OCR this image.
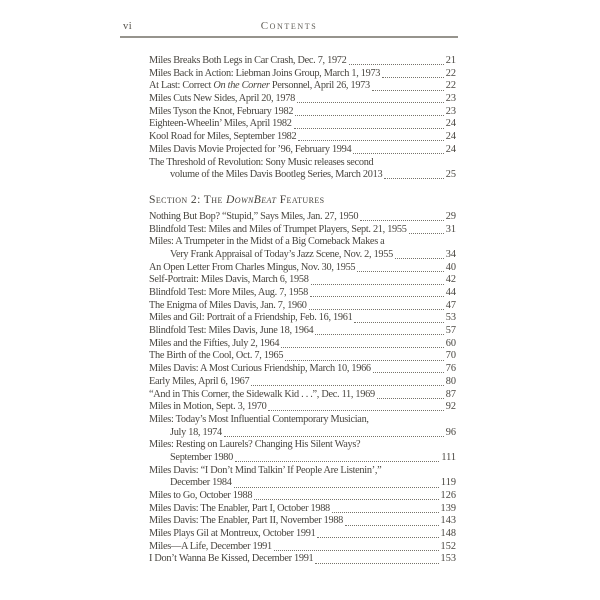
vi	Contents
Miles Breaks Both Legs in Car Crash, Dec. 7, 1972	21
Miles Back in Action: Liebman Joins Group, March 1, 1973	22
At Last: Correct On the Corner Personnel, April 26, 1973	22
Miles Cuts New Sides, April 20, 1978	23
Miles Tyson the Knot, February 1982	23
Eighteen-Wheelin’ Miles, April 1982	24
Kool Road for Miles, September 1982	24
Miles Davis Movie Projected for ’96, February 1994	24
The Threshold of Revolution: Sony Music releases second
volume of the Miles Davis Bootleg Series, March 2013	25
Section 2: The DownBeat Features
Nothing But Bop? “Stupid,” Says Miles, Jan. 27, 1950	29
Blindfold Test: Miles and Miles of Trumpet Players, Sept. 21, 1955	31
Miles: A Trumpeter in the Midst of a Big Comeback Makes a
Very Frank Appraisal of Today’s Jazz Scene, Nov. 2, 1955	34
An Open Letter From Charles Mingus, Nov. 30, 1955	40
Self-Portrait: Miles Davis, March 6, 1958	42
Blindfold Test: More Miles, Aug. 7, 1958	44
The Enigma of Miles Davis, Jan. 7, 1960	47
Miles and Gil: Portrait of a Friendship, Feb. 16, 1961	53
Blindfold Test: Miles Davis, June 18, 1964	57
Miles and the Fifties, July 2, 1964	60
The Birth of the Cool, Oct. 7, 1965	70
Miles Davis: A Most Curious Friendship, March 10, 1966	76
Early Miles, April 6, 1967	80
“And in This Corner, the Sidewalk Kid . . .”, Dec. 11, 1969	87
Miles in Motion, Sept. 3, 1970	92
Miles: Today’s Most Influential Contemporary Musician,
July 18, 1974	96
Miles: Resting on Laurels? Changing His Silent Ways?
September 1980	111
Miles Davis: “I Don’t Mind Talkin’ If People Are Listenin’,”
December 1984	119
Miles to Go, October 1988	126
Miles Davis: The Enabler, Part I, October 1988	139
Miles Davis: The Enabler, Part II, November 1988	143
Miles Plays Gil at Montreux, October 1991	148
Miles—A Life, December 1991	152
I Don’t Wanna Be Kissed, December 1991	153
